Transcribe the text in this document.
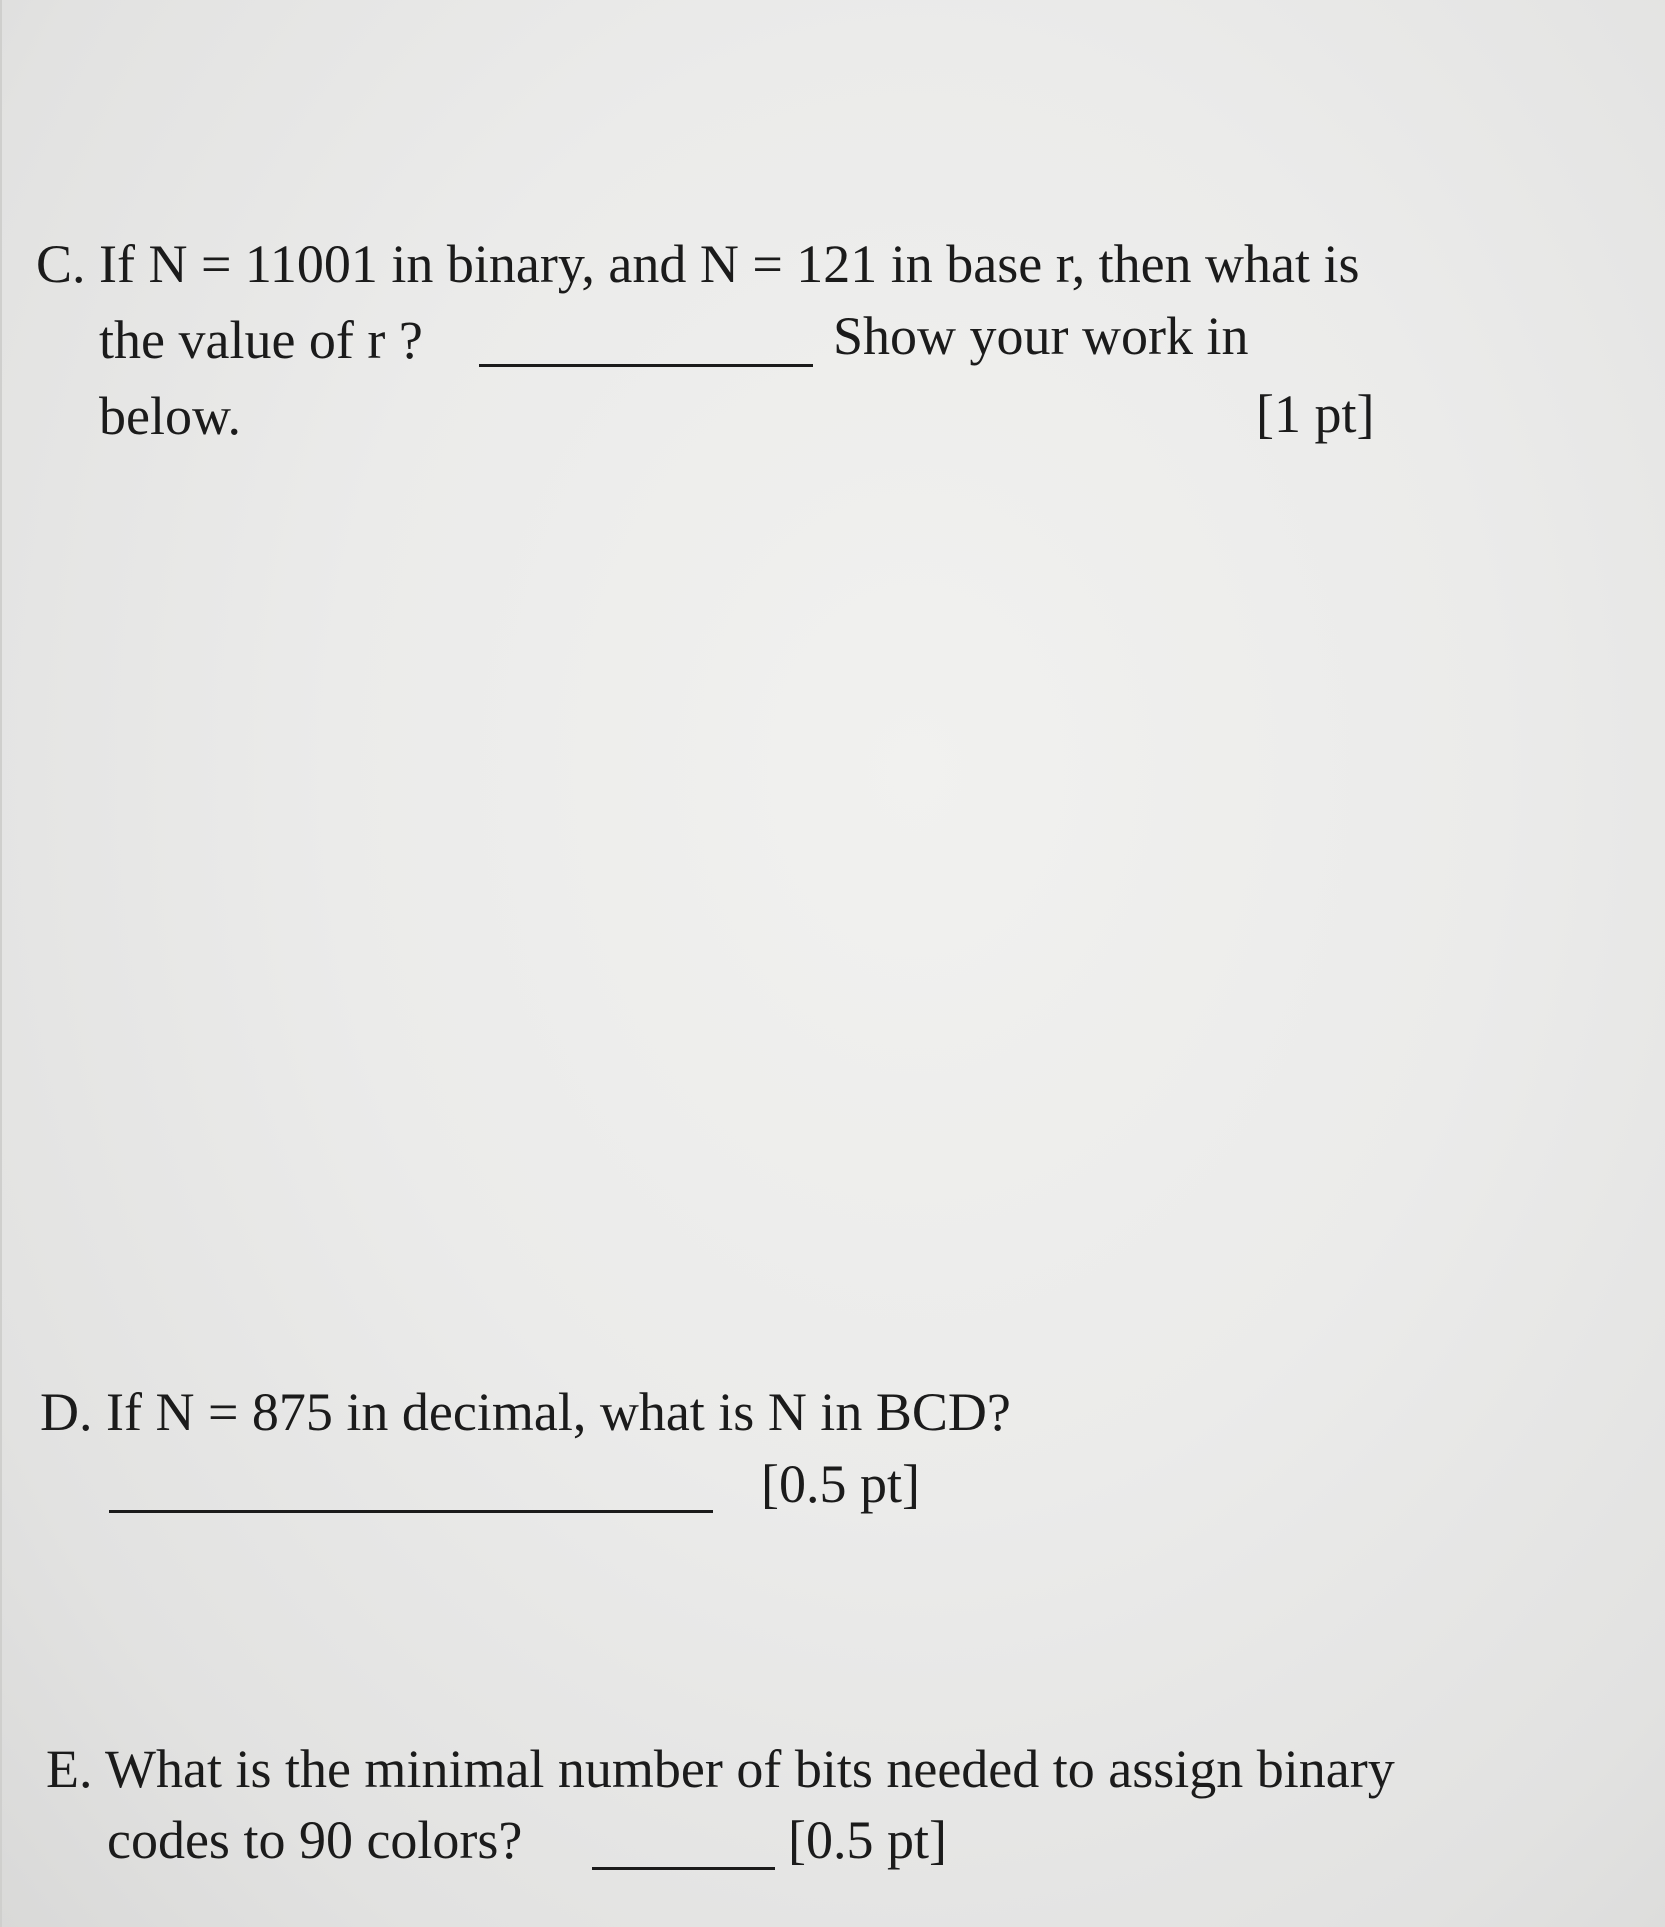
C. If N = 11001 in binary, and N = 121 in base r, then what is
the value of r ?	Show your work in
below.	[1 pt]
D. If N = 875 in decimal, what is N in BCD?
[0.5 pt]
E. What is the minimal number of bits needed to assign binary
codes to 90 colors?	[0.5 pt]
